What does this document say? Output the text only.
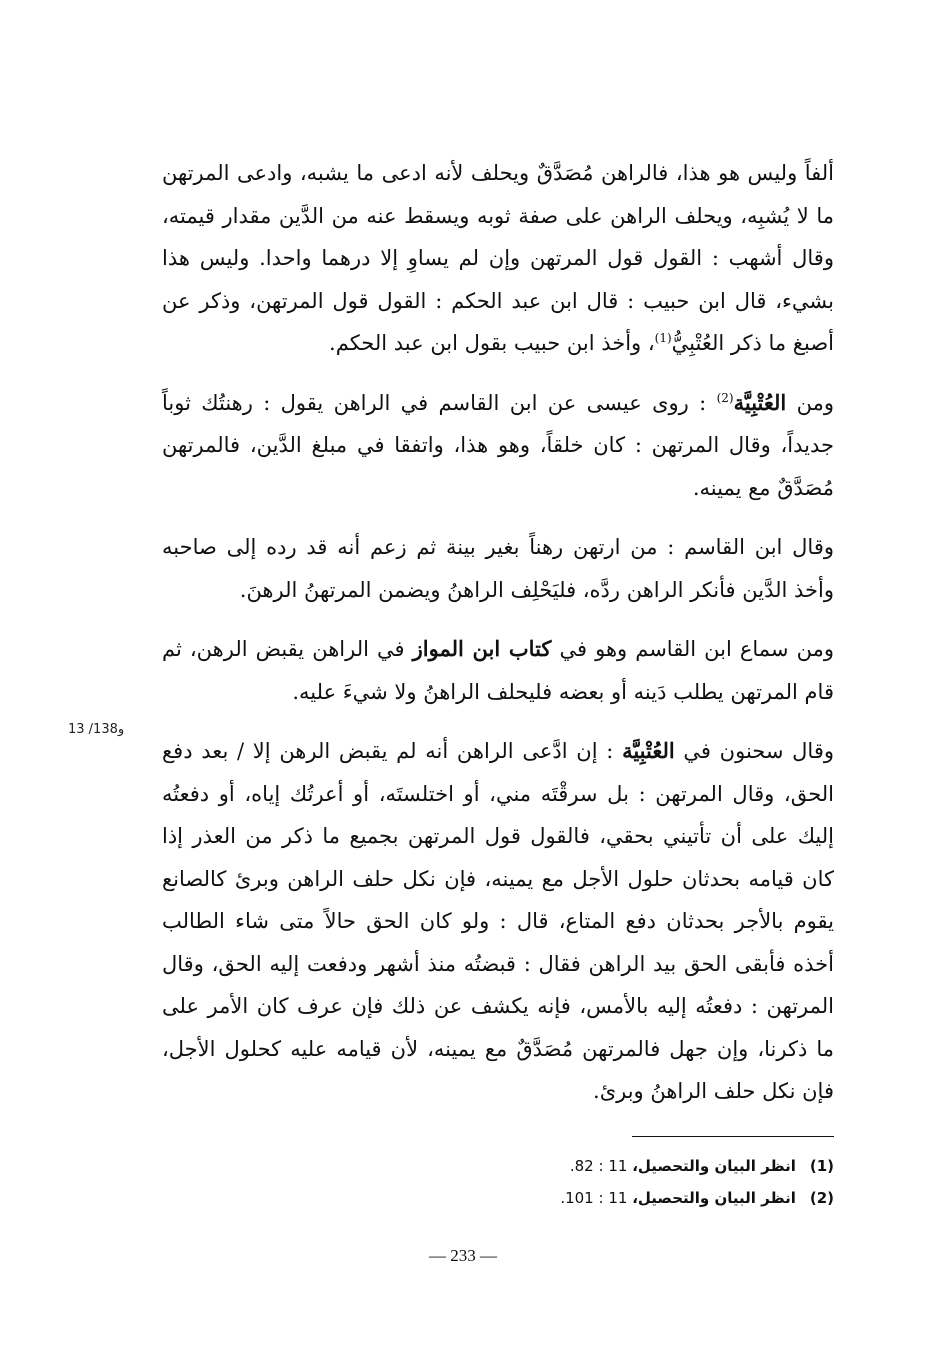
13 /138و

ألفاً وليس هو هذا، فالراهن مُصَدَّقٌ ويحلف لأنه ادعى ما يشبه، وادعى المرتهن ما لا يُشبِه، ويحلف الراهن على صفة ثوبه ويسقط عنه من الدَّين مقدار قيمته، وقال أشهب : القول قول المرتهن وإن لم يساوِ إلا درهما واحدا. وليس هذا بشيء، قال ابن حبيب : قال ابن عبد الحكم : القول قول المرتهن، وذكر عن أصبغ ما ذكر العُتْبِيُّ$^{(1)}$، وأخذ ابن حبيب بقول ابن عبد الحكم.

ومن العُتْبِيَّة$^{(2)}$ : روى عيسى عن ابن القاسم في الراهن يقول : رهنتُك ثوباً جديداً، وقال المرتهن : كان خلقاً، وهو هذا، واتفقا في مبلغ الدَّين، فالمرتهن مُصَدَّقٌ مع يمينه.

وقال ابن القاسم : من ارتهن رهناً بغير بينة ثم زعم أنه قد رده إلى صاحبه وأخذ الدَّين فأنكر الراهن ردَّه، فليَحْلِف الراهنُ ويضمن المرتهنُ الرهنَ.

ومن سماع ابن القاسم وهو في كتاب ابن المواز في الراهن يقبض الرهن، ثم قام المرتهن يطلب دَينه أو بعضه فليحلف الراهنُ ولا شيءَ عليه.

وقال سحنون في العُتْبِيَّة : إن ادَّعى الراهن أنه لم يقبض الرهن إلا / بعد دفع الحق، وقال المرتهن : بل سرقْتَه مني، أو اختلستَه، أو أعرتُك إياه، أو دفعتُه إليك على أن تأتيني بحقي، فالقول قول المرتهن بجميع ما ذكر من العذر إذا كان قيامه بحدثان حلول الأجل مع يمينه، فإن نكل حلف الراهن وبرئ كالصانع يقوم بالأجر بحدثان دفع المتاع، قال : ولو كان الحق حالاً متى شاء الطالب أخذه فأبقى الحق بيد الراهن فقال : قبضتُه منذ أشهر ودفعت إليه الحق، وقال المرتهن : دفعتُه إليه بالأمس، فإنه يكشف عن ذلك فإن عرف كان الأمر على ما ذكرنا، وإن جهل فالمرتهن مُصَدَّقٌ مع يمينه، لأن قيامه عليه كحلول الأجل، فإن نكل حلف الراهنُ وبرئ.

(1)
انظر البيان والتحصيل، 11 : 82.
(2)
انظر البيان والتحصيل، 11 : 101.
— 233 —
